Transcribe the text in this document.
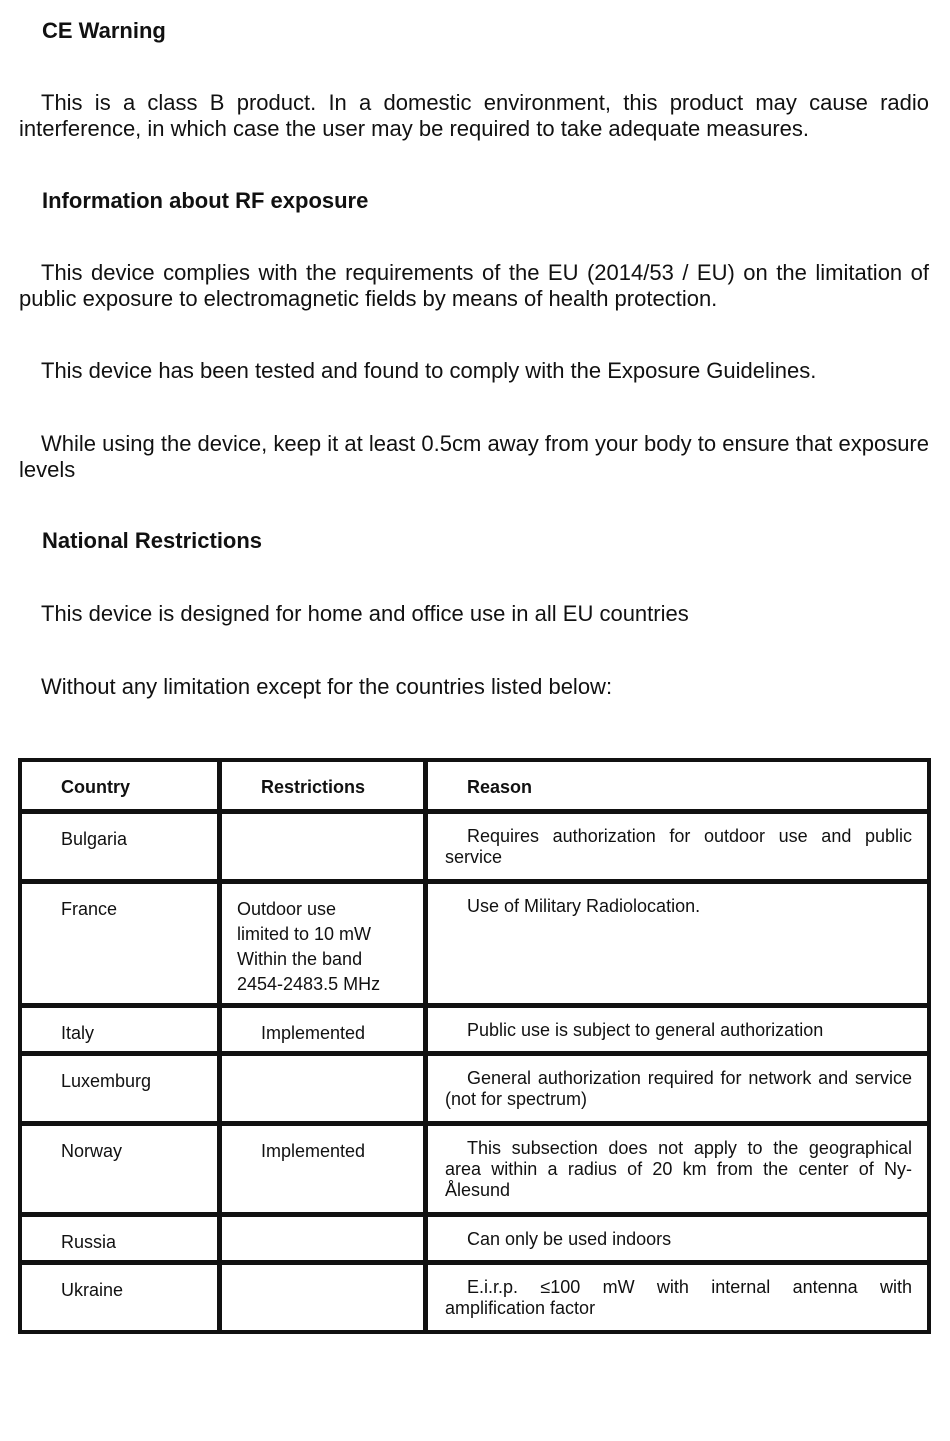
CE Warning

This is a class B product. In a domestic environment, this product may cause radio interference, in which case the user may be required to take adequate measures.

Information about RF exposure

This device complies with the requirements of the EU (2014/53 / EU) on the limitation of public exposure to electromagnetic fields by means of health protection.

This device has been tested and found to comply with the Exposure Guidelines.

While using the device, keep it at least 0.5cm away from your body to ensure that exposure levels

National Restrictions

This device is designed for home and office use in all EU countries

Without any limitation except for the countries listed below:

Country	Restrictions	Reason

Bulgaria		Requires authorization for outdoor use and public service

France	Outdoor use
limited to 10 mW
Within the band
2454-2483.5 MHz	Use of Military Radiolocation.

Italy	Implemented	Public use is subject to general authorization

Luxemburg		General authorization required for network and service (not for spectrum)

Norway	Implemented	This subsection does not apply to the geographical area within a radius of 20 km from the center of Ny-Ålesund

Russia		Can only be used indoors

Ukraine		E.i.r.p. ≤100 mW with internal antenna with amplification factor
